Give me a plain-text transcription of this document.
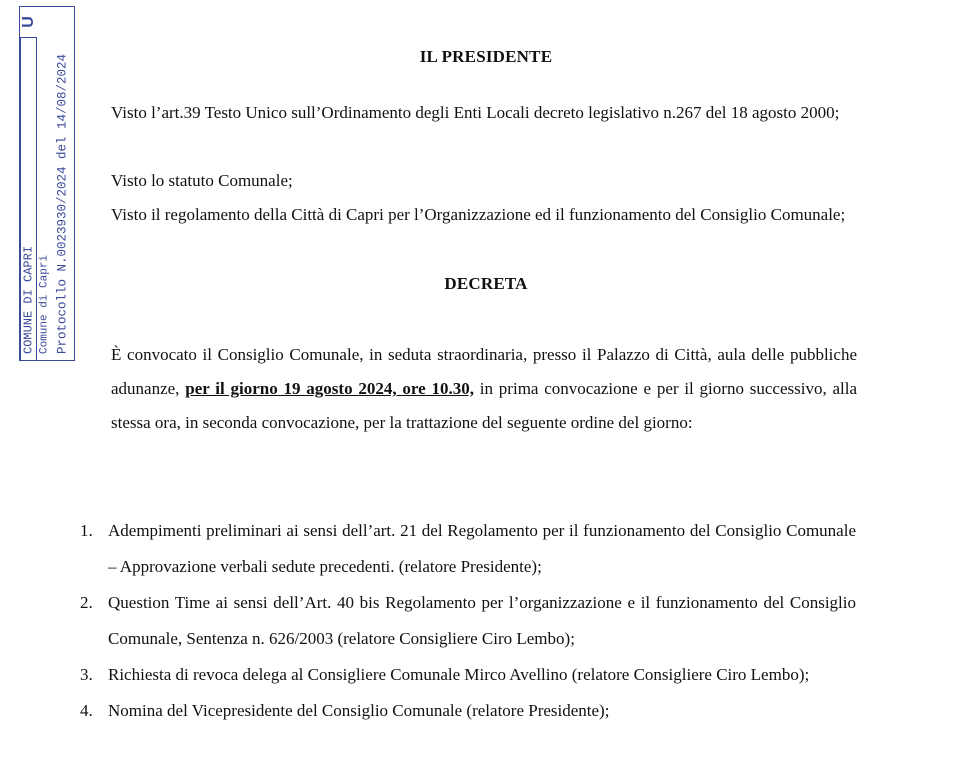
COMUNE DI CAPRI Comune di Capri Protocollo N.0023930/2024 del 14/08/2024
U
IL PRESIDENTE
Visto l’art.39 Testo Unico sull’Ordinamento degli Enti Locali decreto legislativo n.267 del 18 agosto 2000;
Visto lo statuto Comunale;
Visto il regolamento della Città di Capri per l’Organizzazione ed il funzionamento del Consiglio Comunale;
DECRETA
È convocato il Consiglio Comunale, in seduta straordinaria, presso il Palazzo di Città, aula delle pubbliche adunanze, per il giorno 19 agosto 2024, ore 10.30, in prima convocazione e per il giorno successivo, alla stessa ora, in seconda convocazione, per la trattazione del seguente ordine del giorno:
1. Adempimenti preliminari ai sensi dell’art. 21 del Regolamento per il funzionamento del Consiglio Comunale – Approvazione verbali sedute precedenti. (relatore Presidente);
2. Question Time ai sensi dell’Art. 40 bis Regolamento per l’organizzazione e il funzionamento del Consiglio Comunale, Sentenza n. 626/2003 (relatore Consigliere Ciro Lembo);
3. Richiesta di revoca delega al Consigliere Comunale Mirco Avellino (relatore Consigliere Ciro Lembo);
4. Nomina del Vicepresidente del Consiglio Comunale (relatore Presidente);
